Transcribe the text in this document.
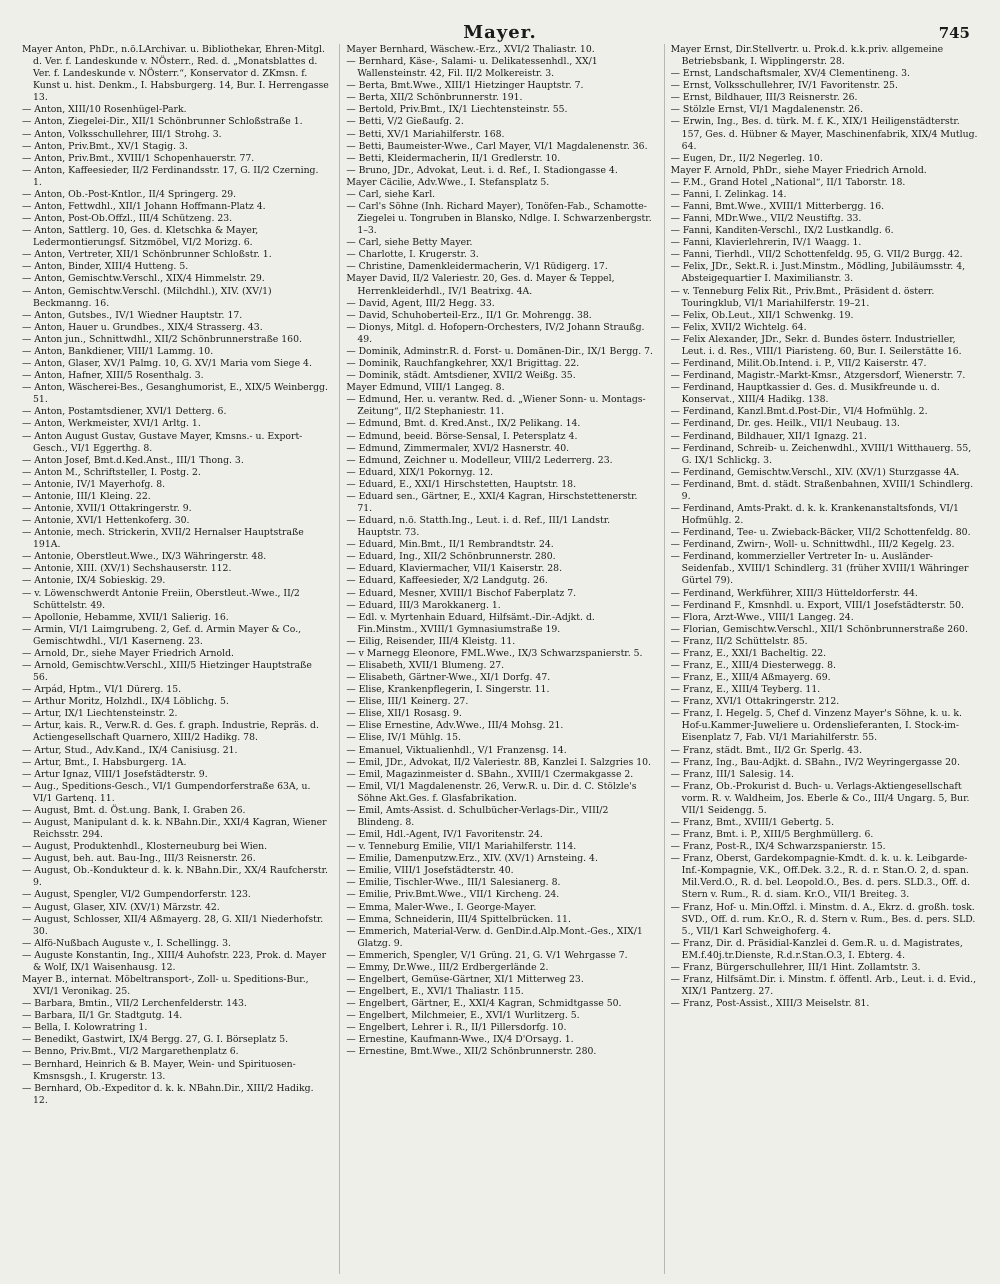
Mayer.	745
Mayer Anton, PhDr., n.ö.LArchivar. u. Bibliothekar, Ehren-Mitgl. d. Ver. f. Landeskunde v. NÖsterr., Red. d. „Monatsblattes d. Ver. f. Landeskunde v. NÖsterr.“, Konservator d. ZKmsn. f. Kunst u. hist. Denkm., I. Habsburgerg. 14, Bur. I. Herrengasse 13.
— Anton, XIII/10 Rosenhügel-Park.
— Anton, Ziegelei-Dir., XII/1 Schönbrunner Schloßstraße 1.
— Anton, Volksschullehrer, III/1 Strohg. 3.
— Anton, Priv.Bmt., XV/1 Stagig. 3.
— Anton, Priv.Bmt., XVIII/1 Schopenhauerstr. 77.
— Anton, Kaffeesieder, II/2 Ferdinandsstr. 17, G. II/2 Czerning. 1.
— Anton, Ob.-Post-Kntlor., II/4 Springerg. 29.
— Anton, Fettwdhl., XII/1 Johann Hoffmann-Platz 4.
— Anton, Post-Ob.Offzl., III/4 Schützeng. 23.
— Anton, Sattlerg. 10, Ges. d. Kletschka & Mayer, Ledermontierungsf. Sitzmöbel, VI/2 Morizg. 6.
— Anton, Vertreter, XII/1 Schönbrunner Schloßstr. 1.
— Anton, Binder, XIII/4 Hutteng. 5.
— Anton, Gemischtw.Verschl., XIX/4 Himmelstr. 29.
— Anton, Gemischtw.Verschl. (Milchdhl.), XIV. (XV/1) Beckmanng. 16.
— Anton, Gutsbes., IV/1 Wiedner Hauptstr. 17.
— Anton, Hauer u. Grundbes., XIX/4 Strasserg. 43.
— Anton jun., Schnittwdhl., XII/2 Schönbrunnerstraße 160.
— Anton, Bankdiener, VIII/1 Lammg. 10.
— Anton, Glaser, XV/1 Palmg. 10, G. XV/1 Maria vom Siege 4.
— Anton, Hafner, XIII/5 Rosenthalg. 3.
— Anton, Wäscherei-Bes., Gesanghumorist, E., XIX/5 Weinbergg. 51.
— Anton, Postamtsdiener, XVI/1 Detterg. 6.
— Anton, Werkmeister, XVI/1 Arltg. 1.
— Anton August Gustav, Gustave Mayer, Kmsns.- u. Export-Gesch., VI/1 Eggerthg. 8.
— Anton Josef, Bmt.d.Ked.Anst., III/1 Thong. 3.
— Anton M., Schriftsteller, I. Postg. 2.
— Antonie, IV/1 Mayerhofg. 8.
— Antonie, III/1 Kleing. 22.
— Antonie, XVII/1 Ottakringerstr. 9.
— Antonie, XVI/1 Hettenkoferg. 30.
— Antonie, mech. Strickerin, XVII/2 Hernalser Hauptstraße 191A.
— Antonie, Oberstleut.Wwe., IX/3 Währingerstr. 48.
— Antonie, XIII. (XV/1) Sechshauserstr. 112.
— Antonie, IX/4 Sobieskig. 29.
— v. Löwenschwerdt Antonie Freiin, Oberstleut.-Wwe., II/2 Schüttelstr. 49.
— Apollonie, Hebamme, XVII/1 Salierig. 16.
— Armin, VI/1 Laimgrubeng. 2, Gef. d. Armin Mayer & Co., Gemischtwdhl., VI/1 Kaserneng. 23.
— Arnold, Dr., siehe Mayer Friedrich Arnold.
— Arnold, Gemischtw.Verschl., XIII/5 Hietzinger Hauptstraße 56.
— Arpád, Hptm., VI/1 Dürerg. 15.
— Arthur Moritz, Holzhdl., IX/4 Löblichg. 5.
— Artur, IX/1 Liechtensteinstr. 2.
— Artur, kais. R., Verw.R. d. Ges. f. graph. Industrie, Repräs. d. Actiengesellschaft Quarnero, XIII/2 Hadikg. 78.
— Artur, Stud., Adv.Kand., IX/4 Canisiusg. 21.
— Artur, Bmt., I. Habsburgerg. 1A.
— Artur Ignaz, VIII/1 Josefstädterstr. 9.
— Aug., Speditions-Gesch., VI/1 Gumpendorferstraße 63A, u. VI/1 Gartenq. 11.
— August, Bmt. d. Öst.ung. Bank, I. Graben 26.
— August, Manipulant d. k. k. NBahn.Dir., XXI/4 Kagran, Wiener Reichsstr. 294.
— August, Produktenhdl., Klosterneuburg bei Wien.
— August, beh. aut. Bau-Ing., III/3 Reisnerstr. 26.
— August, Ob.-Kondukteur d. k. k. NBahn.Dir., XX/4 Raufcherstr. 9.
— August, Spengler, VI/2 Gumpendorferstr. 123.
— August, Glaser, XIV. (XV/1) Märzstr. 42.
— August, Schlosser, XII/4 Aßmayerg. 28, G. XII/1 Niederhofstr. 30.
— Alfö-Nußbach Auguste v., I. Schellingg. 3.
— Auguste Konstantin, Ing., XIII/4 Auhofstr. 223, Prok. d. Mayer & Wolf, IX/1 Waisenhausg. 12.
Mayer B., internat. Möbeltransport-, Zoll- u. Speditions-Bur., XVI/1 Veronikag. 25.
— Barbara, Bmtin., VII/2 Lerchenfelderstr. 143.
— Barbara, II/1 Gr. Stadtgutg. 14.
— Bella, I. Kolowratring 1.
— Benedikt, Gastwirt, IX/4 Bergg. 27, G. I. Börseplatz 5.
— Benno, Priv.Bmt., VI/2 Margarethenplatz 6.
— Bernhard, Heinrich & B. Mayer, Wein- und Spirituosen-Kmsnsgsh., I. Krugerstr. 13.
— Bernhard, Ob.-Expeditor d. k. k. NBahn.Dir., XIII/2 Hadikg. 12.
Mayer Bernhard, Wäschew.-Erz., XVI/2 Thaliastr. 10.
— Bernhard, Käse-, Salami- u. Delikatessenhdl., XX/1 Wallensteinstr. 42, Fil. II/2 Molkereistr. 3.
— Berta, Bmt.Wwe., XIII/1 Hietzinger Hauptstr. 7.
— Berta, XII/2 Schönbrunnerstr. 191.
— Bertold, Priv.Bmt., IX/1 Liechtensteinstr. 55.
— Betti, V/2 Gießaufg. 2.
— Betti, XV/1 Mariahilferstr. 168.
— Betti, Baumeister-Wwe., Carl Mayer, VI/1 Magdalenenstr. 36.
— Betti, Kleidermacherin, II/1 Gredlerstr. 10.
— Bruno, JDr., Advokat, Leut. i. d. Ref., I. Stadiongasse 4.
Mayer Cäcilie, Adv.Wwe., I. Stefansplatz 5.
— Carl, siehe Karl.
— Carl's Söhne (Inh. Richard Mayer), Tonöfen-Fab., Schamotte-Ziegelei u. Tongruben in Blansko, Ndlge. I. Schwarzenbergstr. 1–3.
— Carl, siehe Betty Mayer.
— Charlotte, I. Krugerstr. 3.
— Christine, Damenkleidermacherin, V/1 Rüdigerg. 17.
Mayer David, II/2 Valeriestr. 20, Ges. d. Mayer & Teppel, Herrenkleiderhdl., IV/1 Beatrixg. 4A.
— David, Agent, III/2 Hegg. 33.
— David, Schuhoberteil-Erz., II/1 Gr. Mohrengg. 38.
— Dionys, Mitgl. d. Hofopern-Orchesters, IV/2 Johann Straußg. 49.
— Dominik, Adminstr.R. d. Forst- u. Domänen-Dir., IX/1 Bergg. 7.
— Dominik, Rauchfangkehrer, XX/1 Brigittag. 22.
— Dominik, städt. Amtsdiener, XVII/2 Weißg. 35.
Mayer Edmund, VIII/1 Langeg. 8.
— Edmund, Her. u. verantw. Red. d. „Wiener Sonn- u. Montags-Zeitung“, II/2 Stephaniestr. 11.
— Edmund, Bmt. d. Kred.Anst., IX/2 Pelikang. 14.
— Edmund, beeid. Börse-Sensal, I. Petersplatz 4.
— Edmund, Zimmermaler, XVI/2 Hasnerstr. 40.
— Edmund, Zeichner u. Modelleur, VIII/2 Lederrerg. 23.
— Eduard, XIX/1 Pokornyg. 12.
— Eduard, E., XXI/1 Hirschstetten, Hauptstr. 18.
— Eduard sen., Gärtner, E., XXI/4 Kagran, Hirschstettenerstr. 71.
— Eduard, n.ö. Statth.Ing., Leut. i. d. Ref., III/1 Landstr. Hauptstr. 73.
— Eduard, Min.Bmt., II/1 Rembrandtstr. 24.
— Eduard, Ing., XII/2 Schönbrunnerstr. 280.
— Eduard, Klaviermacher, VII/1 Kaiserstr. 28.
— Eduard, Kaffeesieder, X/2 Landgutg. 26.
— Eduard, Mesner, XVIII/1 Bischof Faberplatz 7.
— Eduard, III/3 Marokkanerg. 1.
— Edl. v. Myrtenhain Eduard, Hilfsämt.-Dir.-Adjkt. d. Fin.Minstm., XVIII/1 Gymnasiumstraße 19.
— Eilig, Reisender, III/4 Kleistg. 11.
— v Marnegg Eleonore, FML.Wwe., IX/3 Schwarzspanierstr. 5.
— Elisabeth, XVII/1 Blumeng. 27.
— Elisabeth, Gärtner-Wwe., XI/1 Dorfg. 47.
— Elise, Krankenpflegerin, I. Singerstr. 11.
— Elise, III/1 Keinerg. 27.
— Elise, XII/1 Rosasg. 9.
— Elise Ernestine, Adv.Wwe., III/4 Mohsg. 21.
— Elise, IV/1 Mühlg. 15.
— Emanuel, Viktualienhdl., V/1 Franzensg. 14.
— Emil, JDr., Advokat, II/2 Valeriestr. 8B, Kanzlei I. Salzgries 10.
— Emil, Magazinmeister d. SBahn., XVIII/1 Czermakgasse 2.
— Emil, VI/1 Magdalenenstr. 26, Verw.R. u. Dir. d. C. Stölzle's Söhne Akt.Ges. f. Glasfabrikation.
— Emil, Amts-Assist. d. Schulbücher-Verlags-Dir., VIII/2 Blindeng. 8.
— Emil, Hdl.-Agent, IV/1 Favoritenstr. 24.
— v. Tenneburg Emilie, VII/1 Mariahilferstr. 114.
— Emilie, Damenputzw.Erz., XIV. (XV/1) Arnsteing. 4.
— Emilie, VIII/1 Josefstädterstr. 40.
— Emilie, Tischler-Wwe., III/1 Salesianerg. 8.
— Emilie, Priv.Bmt.Wwe., VII/1 Kircheng. 24.
— Emma, Maler-Wwe., I. George-Mayer.
— Emma, Schneiderin, III/4 Spittelbrücken. 11.
— Emmerich, Material-Verw. d. GenDir.d.Alp.Mont.-Ges., XIX/1 Glatzg. 9.
— Emmerich, Spengler, V/1 Grüng. 21, G. V/1 Wehrgasse 7.
— Emmy, Dr.Wwe., III/2 Erdbergerlände 2.
— Engelbert, Gemüse-Gärtner, XI/1 Mitterweg 23.
— Engelbert, E., XVI/1 Thaliastr. 115.
— Engelbert, Gärtner, E., XXI/4 Kagran, Schmidtgasse 50.
— Engelbert, Milchmeier, E., XVI/1 Wurlitzerg. 5.
— Engelbert, Lehrer i. R., II/1 Pillersdorfg. 10.
— Ernestine, Kaufmann-Wwe., IX/4 D'Orsayg. 1.
— Ernestine, Bmt.Wwe., XII/2 Schönbrunnerstr. 280.
Mayer Ernst, Dir.Stellvertr. u. Prok.d. k.k.priv. allgemeine Betriebsbank, I. Wipplingerstr. 28.
— Ernst, Landschaftsmaler, XV/4 Clementineng. 3.
— Ernst, Volksschullehrer, IV/1 Favoritenstr. 25.
— Ernst, Bildhauer, III/3 Reisnerstr. 26.
— Stölzle Ernst, VI/1 Magdalenenstr. 26.
— Erwin, Ing., Bes. d. türk. M. f. K., XIX/1 Heiligenstädterstr. 157, Ges. d. Hübner & Mayer, Maschinenfabrik, XIX/4 Mutlug. 64.
— Eugen, Dr., II/2 Negerleg. 10.
Mayer F. Arnold, PhDr., siehe Mayer Friedrich Arnold.
— F.M., Grand Hotel „National“, II/1 Taborstr. 18.
— Fanni, I. Zelinkag. 14.
— Fanni, Bmt.Wwe., XVIII/1 Mitterbergg. 16.
— Fanni, MDr.Wwe., VII/2 Neustiftg. 33.
— Fanni, Kanditen-Verschl., IX/2 Lustkandlg. 6.
— Fanni, Klavierlehrerin, IV/1 Waagg. 1.
— Fanni, Tierhdl., VII/2 Schottenfeldg. 95, G. VII/2 Burgg. 42.
— Felix, JDr., Sekt.R. i. Just.Minstm., Mödling, Jubiläumsstr. 4, Absteigequartier I. Maximilianstr. 3.
— v. Tenneburg Felix Rit., Priv.Bmt., Präsident d. österr. Touringklub, VI/1 Mariahilferstr. 19–21.
— Felix, Ob.Leut., XII/1 Schwenkg. 19.
— Felix, XVII/2 Wichtelg. 64.
— Felix Alexander, JDr., Sekr. d. Bundes österr. Industrieller, Leut. i. d. Res., VIII/1 Piaristeng. 60, Bur. I. Seilerstätte 16.
— Ferdinand, Milit.Ob.Intend. i. P., VII/2 Kaiserstr. 47.
— Ferdinand, Magistr.-Markt-Kmsr., Atzgersdorf, Wienerstr. 7.
— Ferdinand, Hauptkassier d. Ges. d. Musikfreunde u. d. Konservat., XIII/4 Hadikg. 138.
— Ferdinand, Kanzl.Bmt.d.Post-Dir., VI/4 Hofmühlg. 2.
— Ferdinand, Dr. ges. Heilk., VII/1 Neubaug. 13.
— Ferdinand, Bildhauer, XII/1 Ignazg. 21.
— Ferdinand, Schreib- u. Zeichenwdhl., XVIII/1 Witthauerg. 55, G. IX/1 Schlickg. 3.
— Ferdinand, Gemischtw.Verschl., XIV. (XV/1) Sturzgasse 4A.
— Ferdinand, Bmt. d. städt. Straßenbahnen, XVIII/1 Schindlerg. 9.
— Ferdinand, Amts-Prakt. d. k. k. Krankenanstaltsfonds, VI/1 Hofmühlg. 2.
— Ferdinand, Tee- u. Zwieback-Bäcker, VII/2 Schottenfeldg. 80.
— Ferdinand, Zwirn-, Woll- u. Schnittwdhl., III/2 Kegelg. 23.
— Ferdinand, kommerzieller Vertreter In- u. Ausländer-Seidenfab., XVIII/1 Schindlerg. 31 (früher XVIII/1 Währinger Gürtel 79).
— Ferdinand, Werkführer, XIII/3 Hütteldorferstr. 44.
— Ferdinand F., Kmsnhdl. u. Export, VIII/1 Josefstädterstr. 50.
— Flora, Arzt-Wwe., VIII/1 Langeg. 24.
— Florian, Gemischtw.Verschl., XII/1 Schönbrunnerstraße 260.
— Franz, II/2 Schüttelstr. 85.
— Franz, E., XXI/1 Bacheltig. 22.
— Franz, E., XIII/4 Diesterwegg. 8.
— Franz, E., XIII/4 Aßmayerg. 69.
— Franz, E., XIII/4 Teyberg. 11.
— Franz, XVI/1 Ottakringerstr. 212.
— Franz, I. Hegelg. 5, Chef d. Vinzenz Mayer's Söhne, k. u. k. Hof-u.Kammer-Juweliere u. Ordenslieferanten, I. Stock-im-Eisenplatz 7, Fab. VI/1 Mariahilferstr. 55.
— Franz, städt. Bmt., II/2 Gr. Sperlg. 43.
— Franz, Ing., Bau-Adjkt. d. SBahn., IV/2 Weyringergasse 20.
— Franz, III/1 Salesig. 14.
— Franz, Ob.-Prokurist d. Buch- u. Verlags-Aktiengesellschaft vorm. R. v. Waldheim, Jos. Eberle & Co., III/4 Ungarg. 5, Bur. VII/1 Seidengg. 5.
— Franz, Bmt., XVIII/1 Gebertg. 5.
— Franz, Bmt. i. P., XIII/5 Berghmüllerg. 6.
— Franz, Post-R., IX/4 Schwarzspanierstr. 15.
— Franz, Oberst, Gardekompagnie-Kmdt. d. k. u. k. Leibgarde-Inf.-Kompagnie, V.K., Off.Dek. 3.2., R. d. r. Stan.O. 2, d. span. Mil.Verd.O., R. d. bel. Leopold.O., Bes. d. pers. SLD.3., Off. d. Stern v. Rum., R. d. siam. Kr.O., VII/1 Breiteg. 3.
— Franz, Hof- u. Min.Offzl. i. Minstm. d. A., Ekrz. d. großh. tosk. SVD., Off. d. rum. Kr.O., R. d. Stern v. Rum., Bes. d. pers. SLD. 5., VII/1 Karl Schweighoferg. 4.
— Franz, Dir. d. Präsidial-Kanzlei d. Gem.R. u. d. Magistrates, EM.f.40j.tr.Dienste, R.d.r.Stan.O.3, I. Ebterg. 4.
— Franz, Bürgerschullehrer, III/1 Hint. Zollamtstr. 3.
— Franz, Hilfsämt.Dir. i. Minstm. f. öffentl. Arb., Leut. i. d. Evid., XIX/1 Pantzerg. 27.
— Franz, Post-Assist., XIII/3 Meiselstr. 81.
